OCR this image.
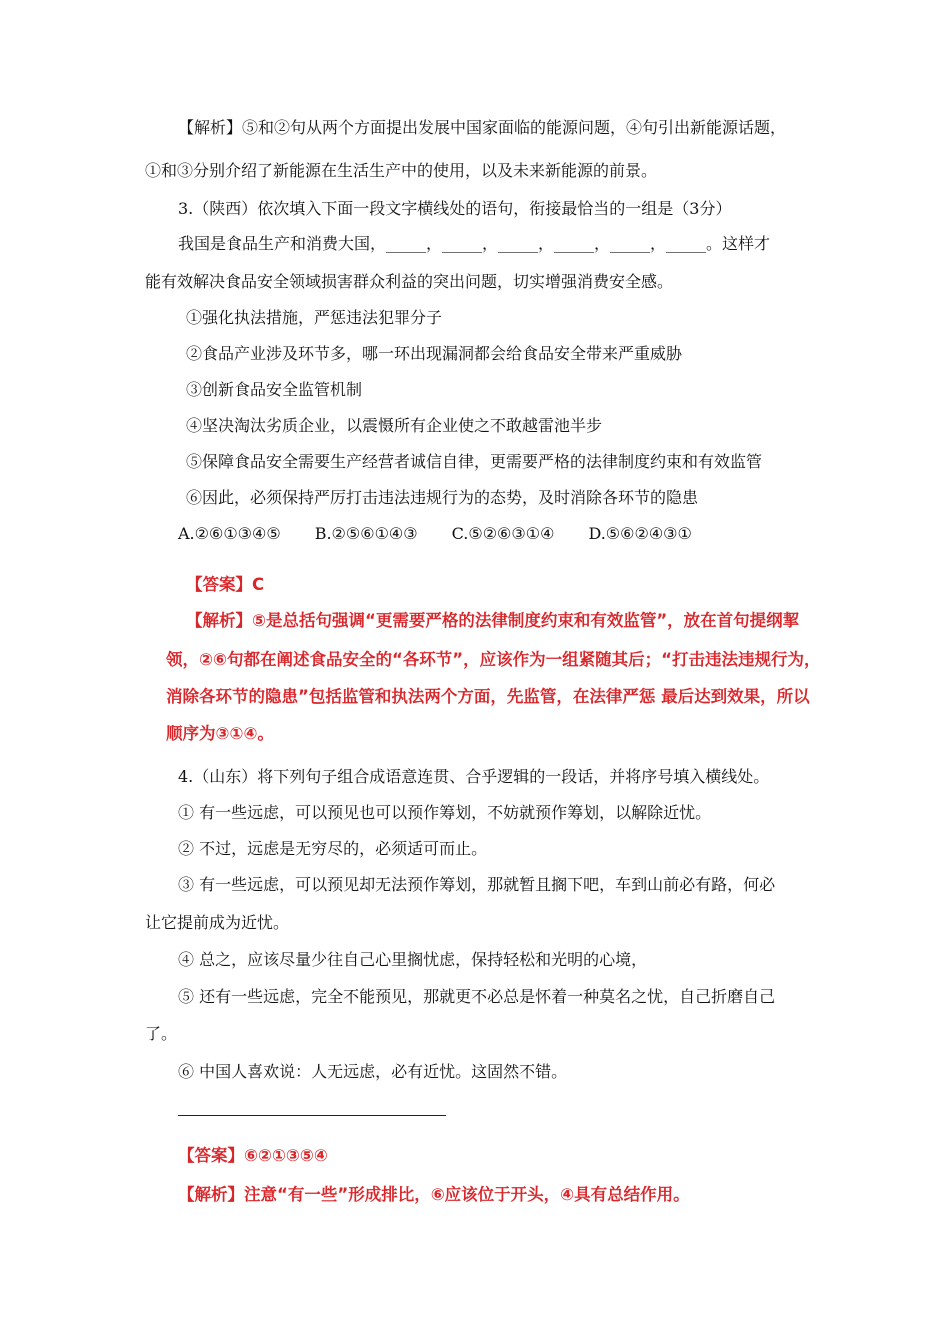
【解析】⑤和②句从两个方面提出发展中国家面临的能源问题，④句引出新能源话题，
①和③分别介绍了新能源在生活生产中的使用，以及未来新能源的前景。
3.（陕西）依次填入下面一段文字横线处的语句，衔接最恰当的一组是（3分）
我国是食品生产和消费大国，_____，_____，_____，_____，_____，_____。这样才
能有效解决食品安全领域损害群众利益的突出问题，切实增强消费安全感。
①强化执法措施，严惩违法犯罪分子
②食品产业涉及环节多，哪一环出现漏洞都会给食品安全带来严重威胁
③创新食品安全监管机制
④坚决淘汰劣质企业，以震慑所有企业使之不敢越雷池半步
⑤保障食品安全需要生产经营者诚信自律，更需要严格的法律制度约束和有效监管
⑥因此，必须保持严厉打击违法违规行为的态势，及时消除各环节的隐患
A.②⑥①③④⑤ B.②⑤⑥①④③ C.⑤②⑥③①④ D.⑤⑥②④③①
【答案】C
【解析】⑤是总括句强调“更需要严格的法律制度约束和有效监管”，放在首句提纲挈
领，②⑥句都在阐述食品安全的“各环节”，应该作为一组紧随其后；“打击违法违规行为，
消除各环节的隐患”包括监管和执法两个方面，先监管，在法律严惩 最后达到效果，所以
顺序为③①④。
4.（山东）将下列句子组合成语意连贯、合乎逻辑的一段话，并将序号填入横线处。
① 有一些远虑，可以预见也可以预作筹划，不妨就预作筹划，以解除近忧。
② 不过，远虑是无穷尽的，必须适可而止。
③ 有一些远虑，可以预见却无法预作筹划，那就暂且搁下吧，车到山前必有路，何必
让它提前成为近忧。
④ 总之，应该尽量少往自己心里搁忧虑，保持轻松和光明的心境，
⑤ 还有一些远虑，完全不能预见，那就更不必总是怀着一种莫名之忧，自己折磨自己
了。
⑥ 中国人喜欢说：人无远虑，必有近忧。这固然不错。
【答案】⑥②①③⑤④
【解析】注意“有一些”形成排比，⑥应该位于开头，④具有总结作用。
